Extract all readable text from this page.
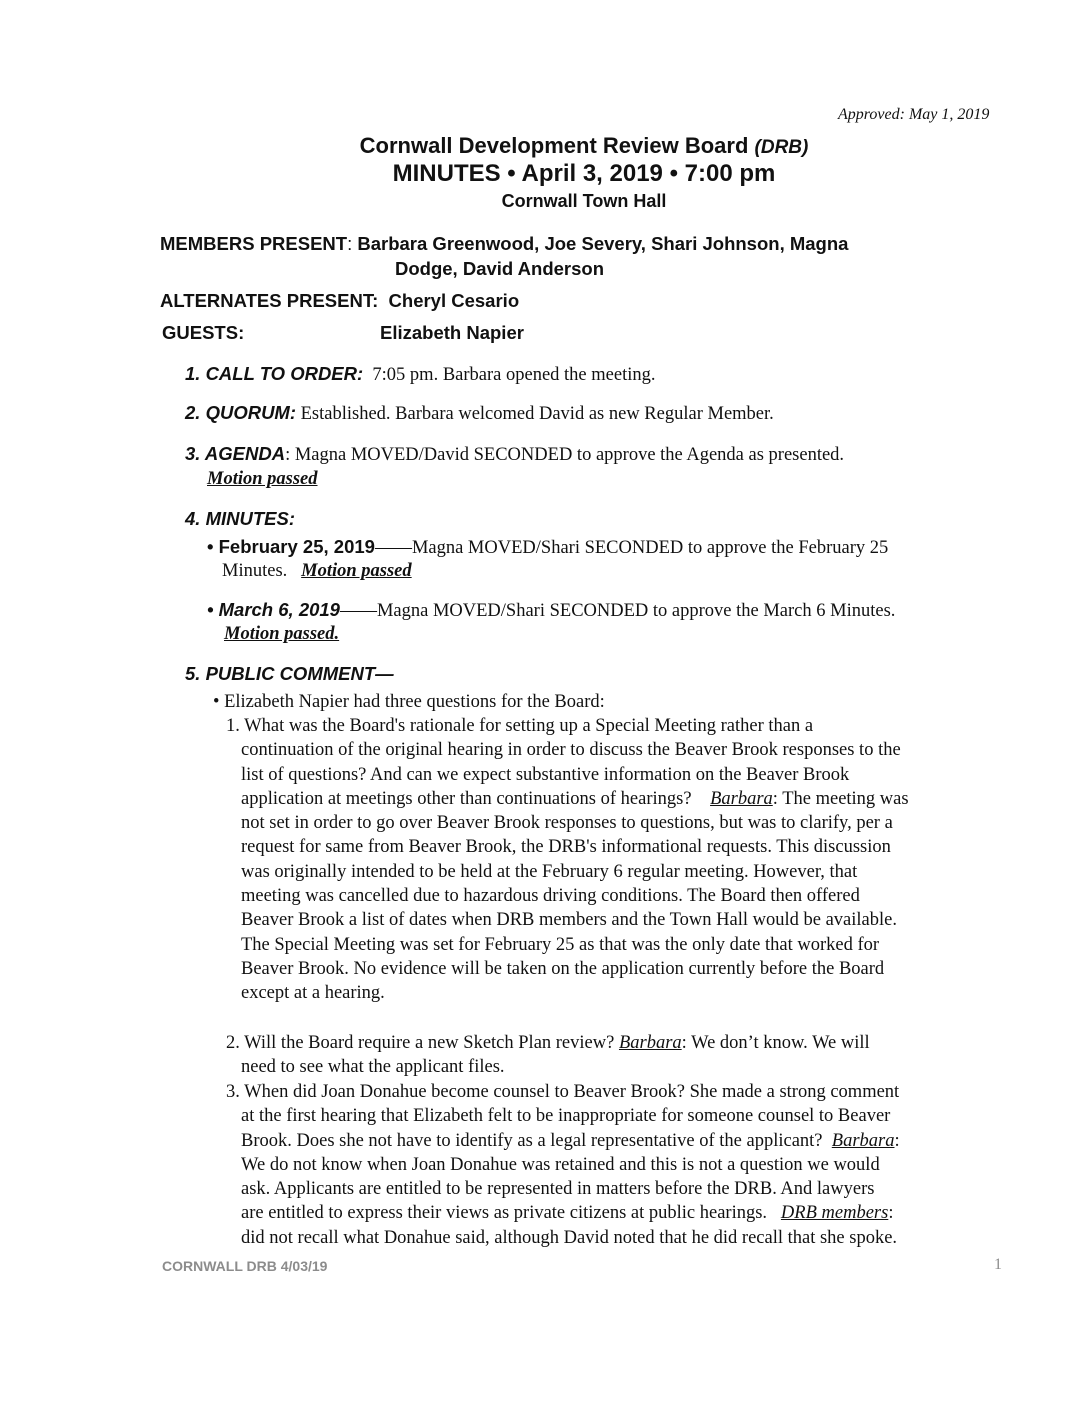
Approved: May 1, 2019
Cornwall Development Review Board (DRB)
MINUTES • April 3, 2019 • 7:00 pm
Cornwall Town Hall
MEMBERS PRESENT: Barbara Greenwood, Joe Severy, Shari Johnson, Magna
Dodge, David Anderson
ALTERNATES PRESENT: Cheryl Cesario
GUESTS:	Elizabeth Napier
1. CALL TO ORDER: 7:05 pm. Barbara opened the meeting.
2. QUORUM: Established. Barbara welcomed David as new Regular Member.
3. AGENDA: Magna MOVED/David SECONDED to approve the Agenda as presented.
Motion passed
4. MINUTES:
• February 25, 2019——Magna MOVED/Shari SECONDED to approve the February 25
Minutes. Motion passed
• March 6, 2019——Magna MOVED/Shari SECONDED to approve the March 6 Minutes.
Motion passed.
5. PUBLIC COMMENT—
• Elizabeth Napier had three questions for the Board:
1. What was the Board's rationale for setting up a Special Meeting rather than a
continuation of the original hearing in order to discuss the Beaver Brook responses to the
list of questions? And can we expect substantive information on the Beaver Brook
application at meetings other than continuations of hearings? Barbara: The meeting was
not set in order to go over Beaver Brook responses to questions, but was to clarify, per a
request for same from Beaver Brook, the DRB's informational requests. This discussion
was originally intended to be held at the February 6 regular meeting. However, that
meeting was cancelled due to hazardous driving conditions. The Board then offered
Beaver Brook a list of dates when DRB members and the Town Hall would be available.
The Special Meeting was set for February 25 as that was the only date that worked for
Beaver Brook. No evidence will be taken on the application currently before the Board
except at a hearing.
2. Will the Board require a new Sketch Plan review? Barbara: We don’t know. We will
need to see what the applicant files.
3. When did Joan Donahue become counsel to Beaver Brook? She made a strong comment
at the first hearing that Elizabeth felt to be inappropriate for someone counsel to Beaver
Brook. Does she not have to identify as a legal representative of the applicant? Barbara:
We do not know when Joan Donahue was retained and this is not a question we would
ask. Applicants are entitled to be represented in matters before the DRB. And lawyers
are entitled to express their views as private citizens at public hearings. DRB members:
did not recall what Donahue said, although David noted that he did recall that she spoke.
CORNWALL DRB 4/03/19	1
